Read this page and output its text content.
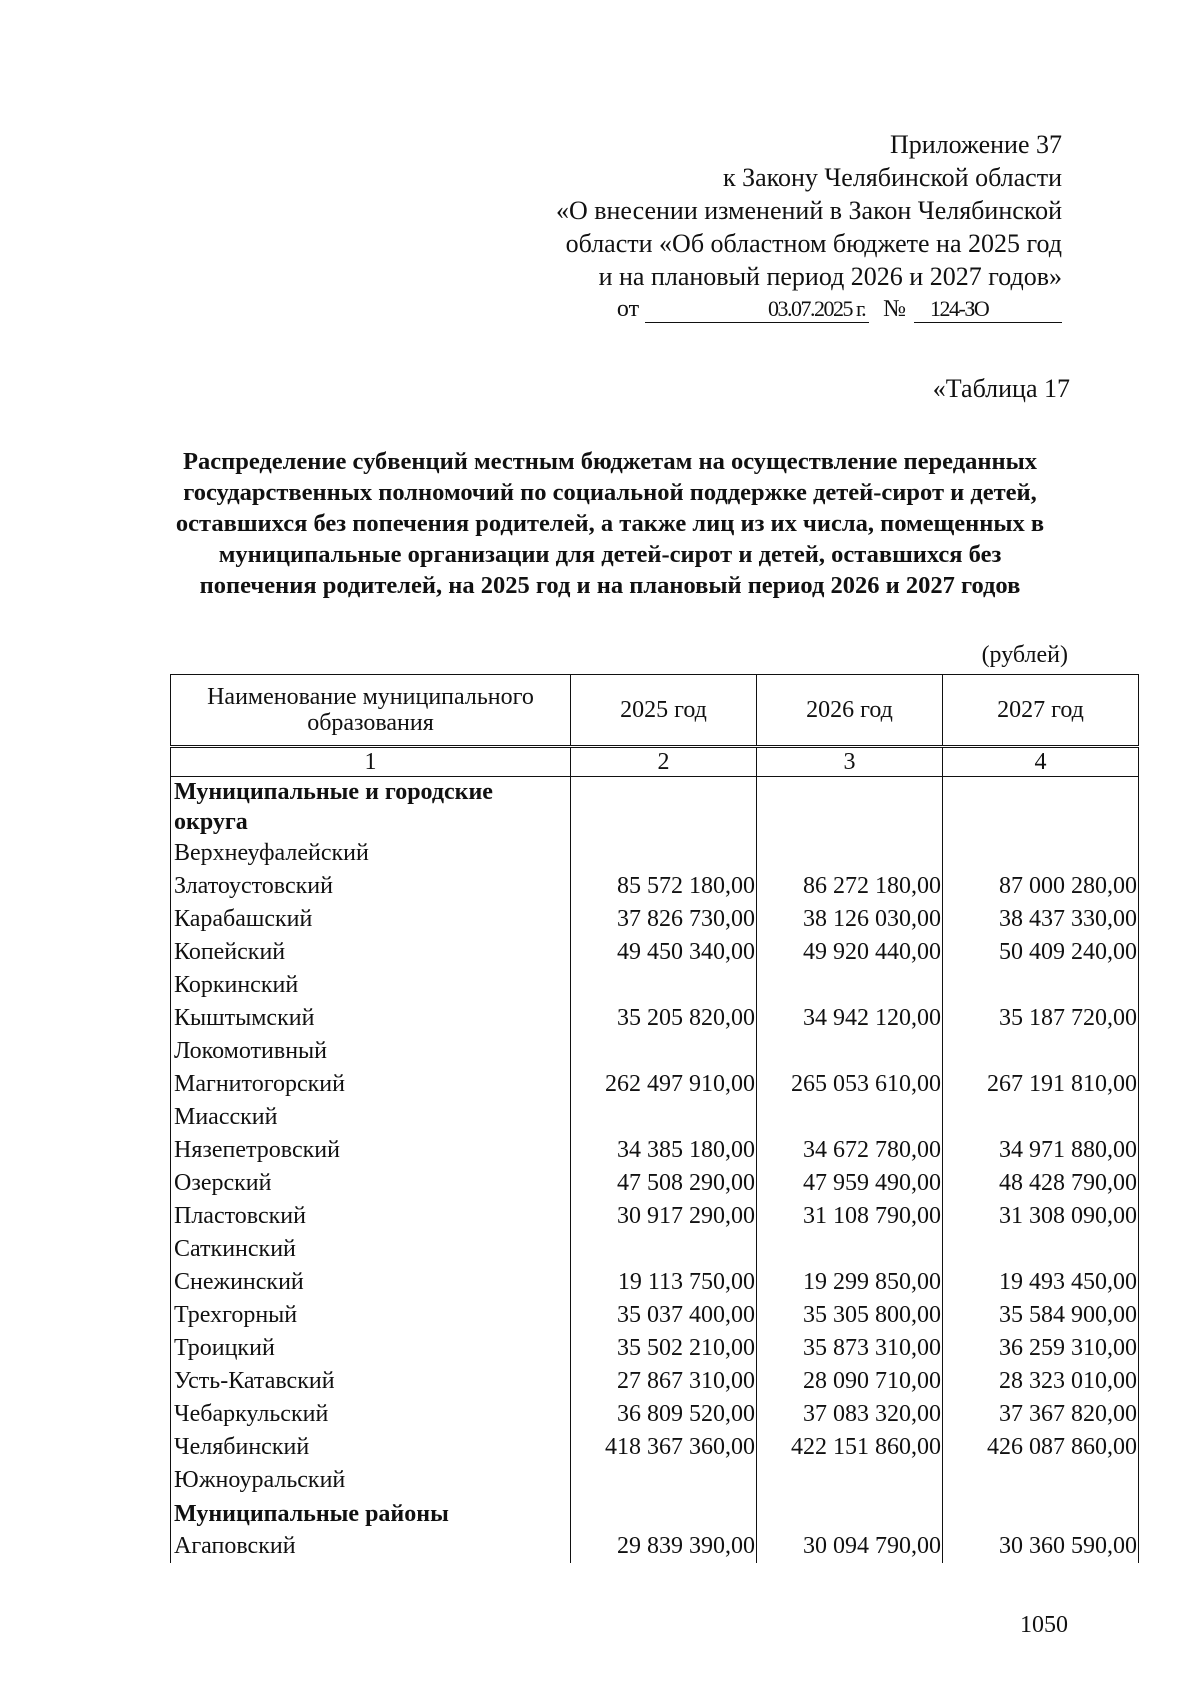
Приложение 37
к Закону Челябинской области
«О внесении изменений в Закон Челябинской
области «Об областном бюджете на 2025 год
и на плановый период 2026 и 2027 годов»
от	03.07.2025 г. № 124-ЗО
«Таблица 17
Распределение субвенций местным бюджетам на осуществление переданных государственных полномочий по социальной поддержке детей-сирот и детей, оставшихся без попечения родителей, а также лиц из их числа, помещенных в муниципальные организации для детей-сирот и детей, оставшихся без попечения родителей, на 2025 год и на плановый период 2026 и 2027 годов
(рублей)
Наименование муниципального образования	2025 год	2026 год	2027 год
1	2	3	4
Муниципальные и городские округа			
Верхнеуфалейский			
Златоустовский	85 572 180,00	86 272 180,00	87 000 280,00
Карабашский	37 826 730,00	38 126 030,00	38 437 330,00
Копейский	49 450 340,00	49 920 440,00	50 409 240,00
Коркинский			
Кыштымский	35 205 820,00	34 942 120,00	35 187 720,00
Локомотивный			
Магнитогорский	262 497 910,00	265 053 610,00	267 191 810,00
Миасский			
Нязепетровский	34 385 180,00	34 672 780,00	34 971 880,00
Озерский	47 508 290,00	47 959 490,00	48 428 790,00
Пластовский	30 917 290,00	31 108 790,00	31 308 090,00
Саткинский			
Снежинский	19 113 750,00	19 299 850,00	19 493 450,00
Трехгорный	35 037 400,00	35 305 800,00	35 584 900,00
Троицкий	35 502 210,00	35 873 310,00	36 259 310,00
Усть-Катавский	27 867 310,00	28 090 710,00	28 323 010,00
Чебаркульский	36 809 520,00	37 083 320,00	37 367 820,00
Челябинский	418 367 360,00	422 151 860,00	426 087 860,00
Южноуральский			
Муниципальные районы			
Агаповский	29 839 390,00	30 094 790,00	30 360 590,00
1050
